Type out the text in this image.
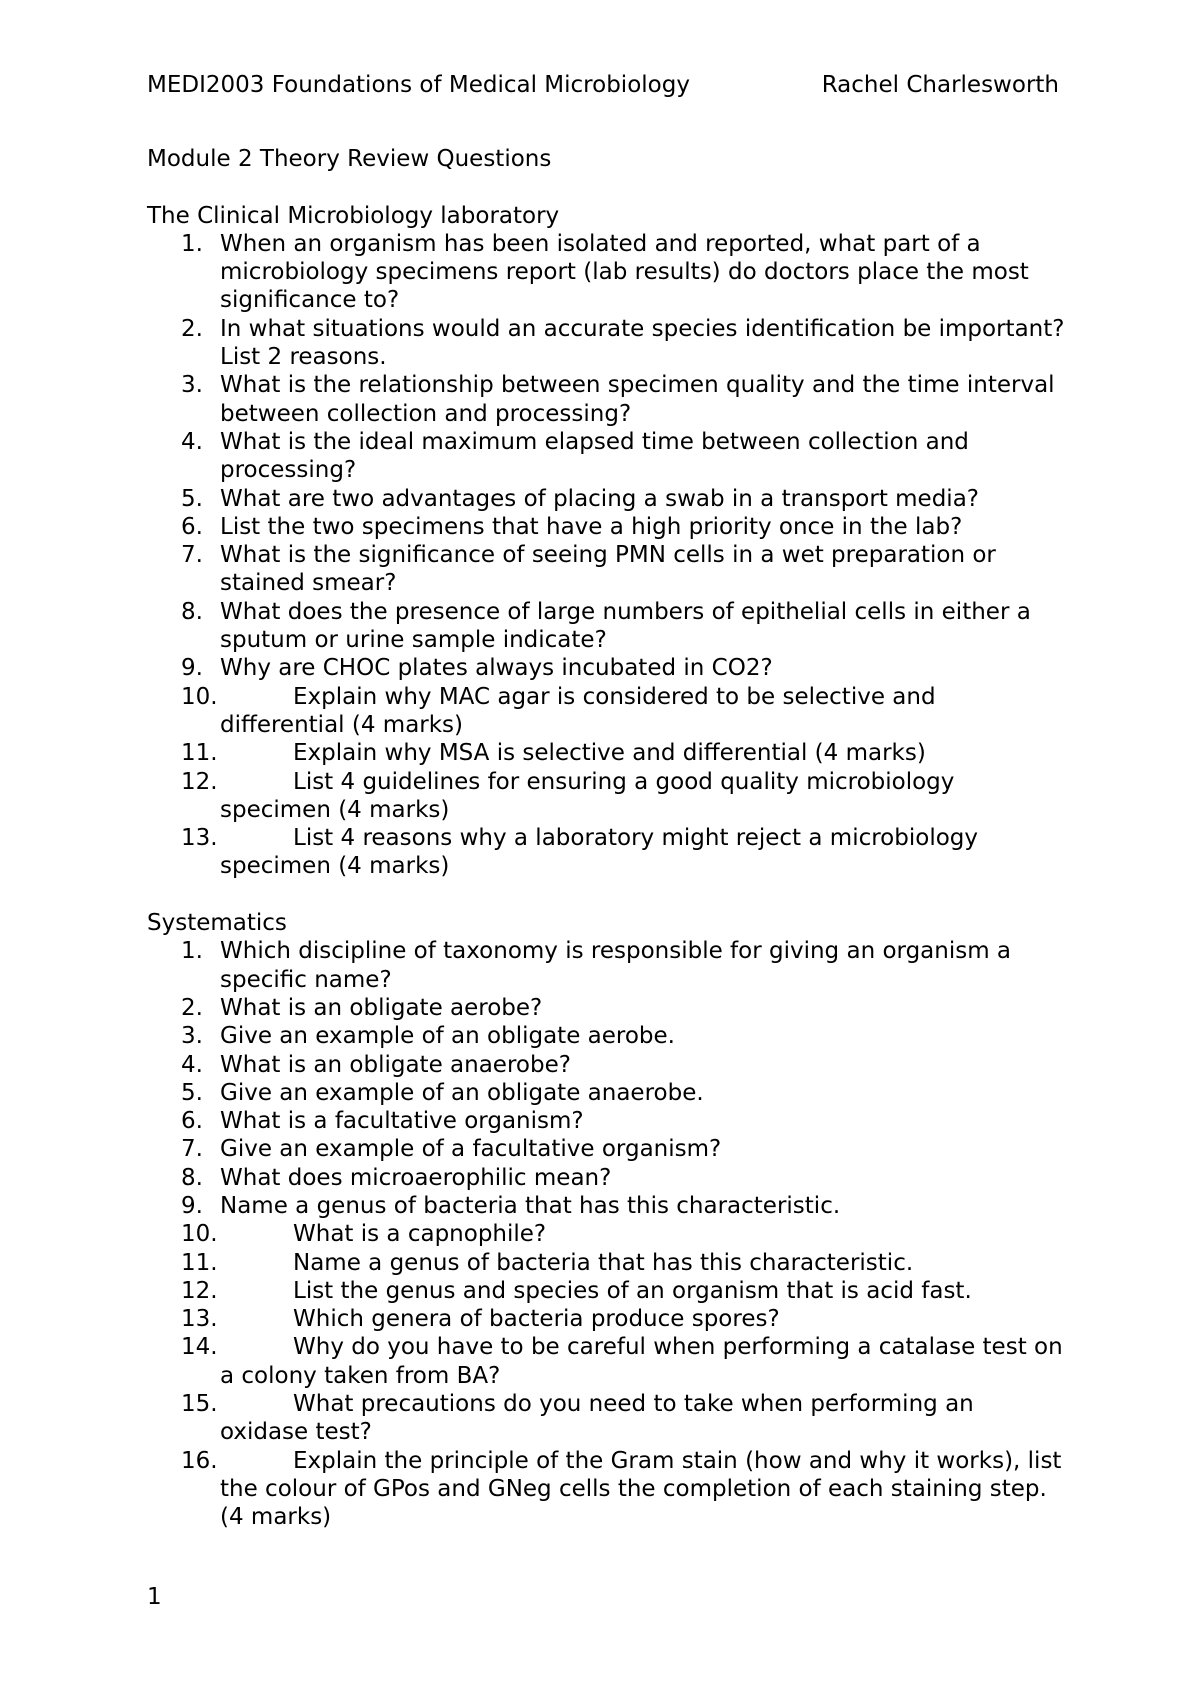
MEDI2003 Foundations of Medical Microbiology	Rachel Charlesworth

Module 2 Theory Review Questions

The Clinical Microbiology laboratory

1. When an organism has been isolated and reported, what part of a microbiology specimens report (lab results) do doctors place the most significance to?
2. In what situations would an accurate species identification be important? List 2 reasons.
3. What is the relationship between specimen quality and the time interval between collection and processing?
4. What is the ideal maximum elapsed time between collection and processing?
5. What are two advantages of placing a swab in a transport media?
6. List the two specimens that have a high priority once in the lab?
7. What is the significance of seeing PMN cells in a wet preparation or stained smear?
8. What does the presence of large numbers of epithelial cells in either a sputum or urine sample indicate?
9. Why are CHOC plates always incubated in CO2?
10.	Explain why MAC agar is considered to be selective and differential (4 marks)
11.	Explain why MSA is selective and differential (4 marks)
12.	List 4 guidelines for ensuring a good quality microbiology specimen (4 marks)
13.	List 4 reasons why a laboratory might reject a microbiology specimen (4 marks)

Systematics

1. Which discipline of taxonomy is responsible for giving an organism a specific name?
2. What is an obligate aerobe?
3. Give an example of an obligate aerobe.
4. What is an obligate anaerobe?
5. Give an example of an obligate anaerobe.
6. What is a facultative organism?
7. Give an example of a facultative organism?
8. What does microaerophilic mean?
9. Name a genus of bacteria that has this characteristic.
10.	What is a capnophile?
11.	Name a genus of bacteria that has this characteristic.
12.	List the genus and species of an organism that is acid fast.
13.	Which genera of bacteria produce spores?
14.	Why do you have to be careful when performing a catalase test on a colony taken from BA?
15.	What precautions do you need to take when performing an oxidase test?
16.	Explain the principle of the Gram stain (how and why it works), list the colour of GPos and GNeg cells the completion of each staining step. (4 marks)
1
